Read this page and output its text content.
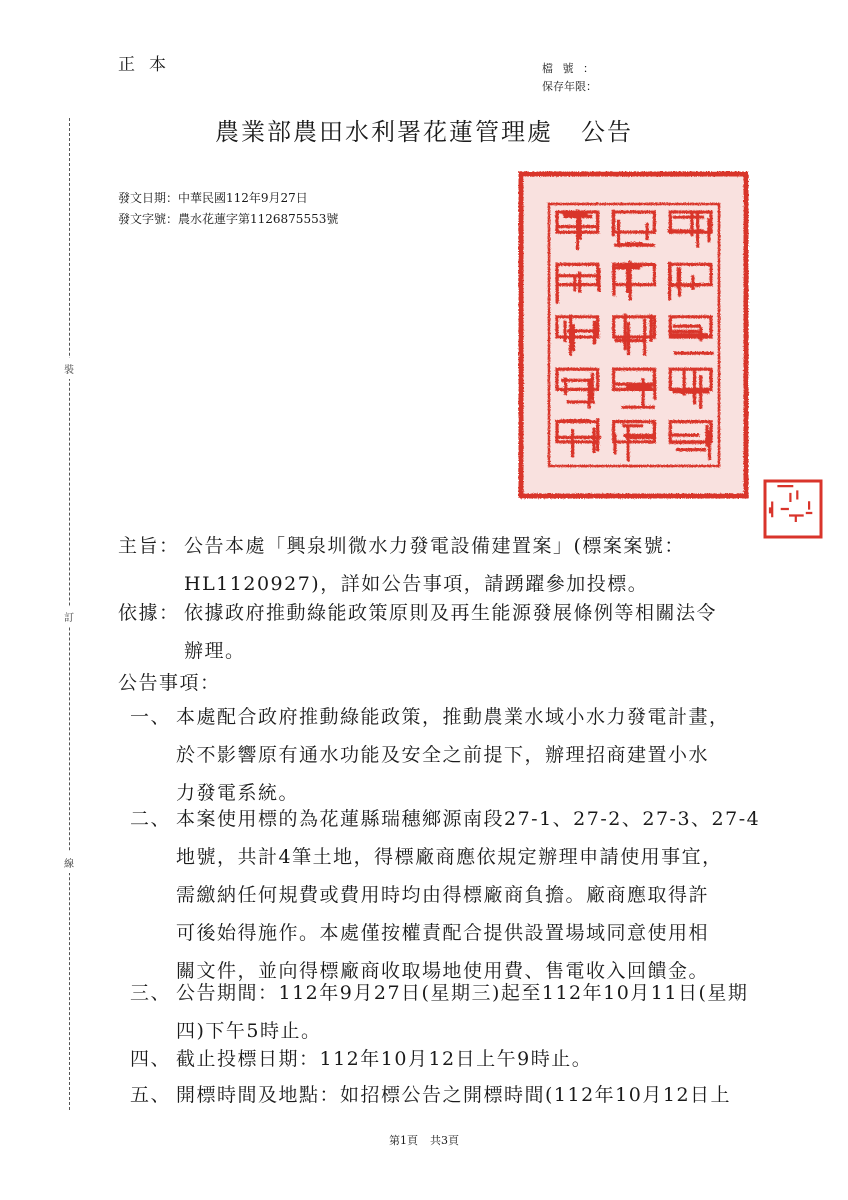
正本	檔號：
保存年限：
農業部農田水利署花蓮管理處 公告
發文日期：中華民國112年9月27日
發文字號：農水花蓮字第1126875553號
裝
訂
線
主旨： 公告本處「興泉圳微水力發電設備建置案」(標案案號：
HL1120927)，詳如公告事項，請踴躍參加投標。
依據： 依據政府推動綠能政策原則及再生能源發展條例等相關法令
辦理。
公告事項：
一、 本處配合政府推動綠能政策，推動農業水域小水力發電計畫，
於不影響原有通水功能及安全之前提下，辦理招商建置小水
力發電系統。
二、 本案使用標的為花蓮縣瑞穗鄉源南段27-1、27-2、27-3、27-4
地號，共計4筆土地，得標廠商應依規定辦理申請使用事宜，
需繳納任何規費或費用時均由得標廠商負擔。廠商應取得許
可後始得施作。本處僅按權責配合提供設置場域同意使用相
關文件，並向得標廠商收取場地使用費、售電收入回饋金。
三、 公告期間：112年9月27日(星期三)起至112年10月11日(星期
四)下午5時止。
四、 截止投標日期：112年10月12日上午9時止。
五、 開標時間及地點：如招標公告之開標時間(112年10月12日上
第1頁 共3頁
